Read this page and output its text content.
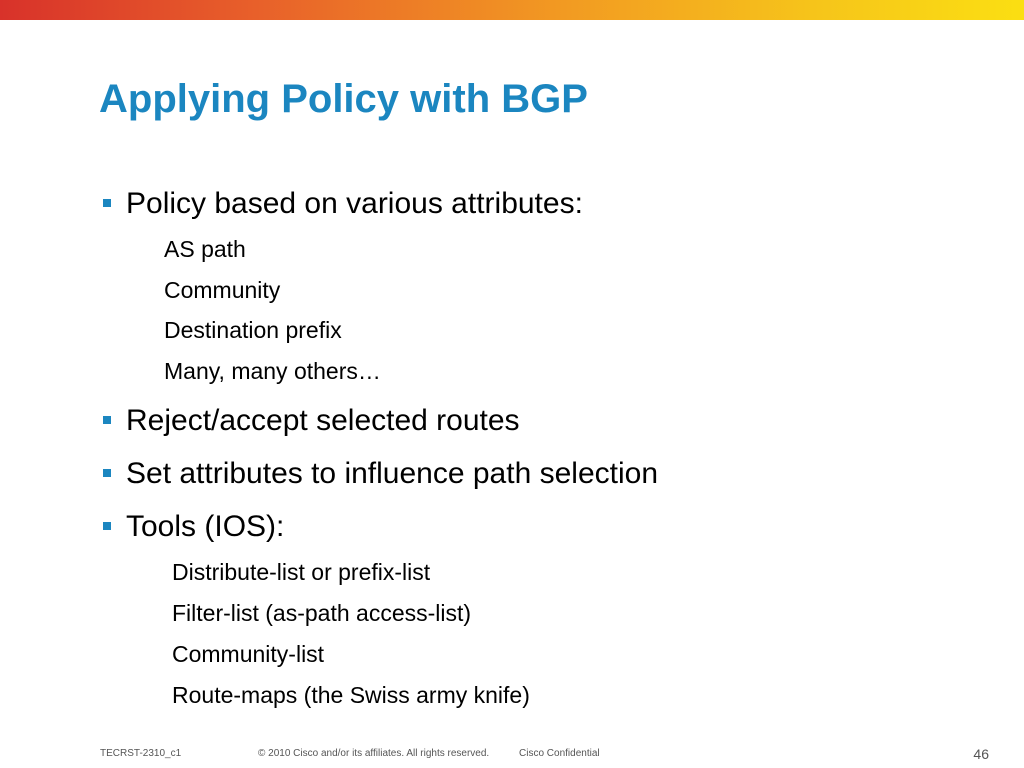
Applying Policy with BGP
Policy based on various attributes:
AS path
Community
Destination prefix
Many, many others…
Reject/accept selected routes
Set attributes to influence path selection
Tools (IOS):
Distribute-list or prefix-list
Filter-list (as-path access-list)
Community-list
Route-maps (the Swiss army knife)
TECRST-2310_c1	© 2010 Cisco and/or its affiliates. All rights reserved.	Cisco Confidential	46
